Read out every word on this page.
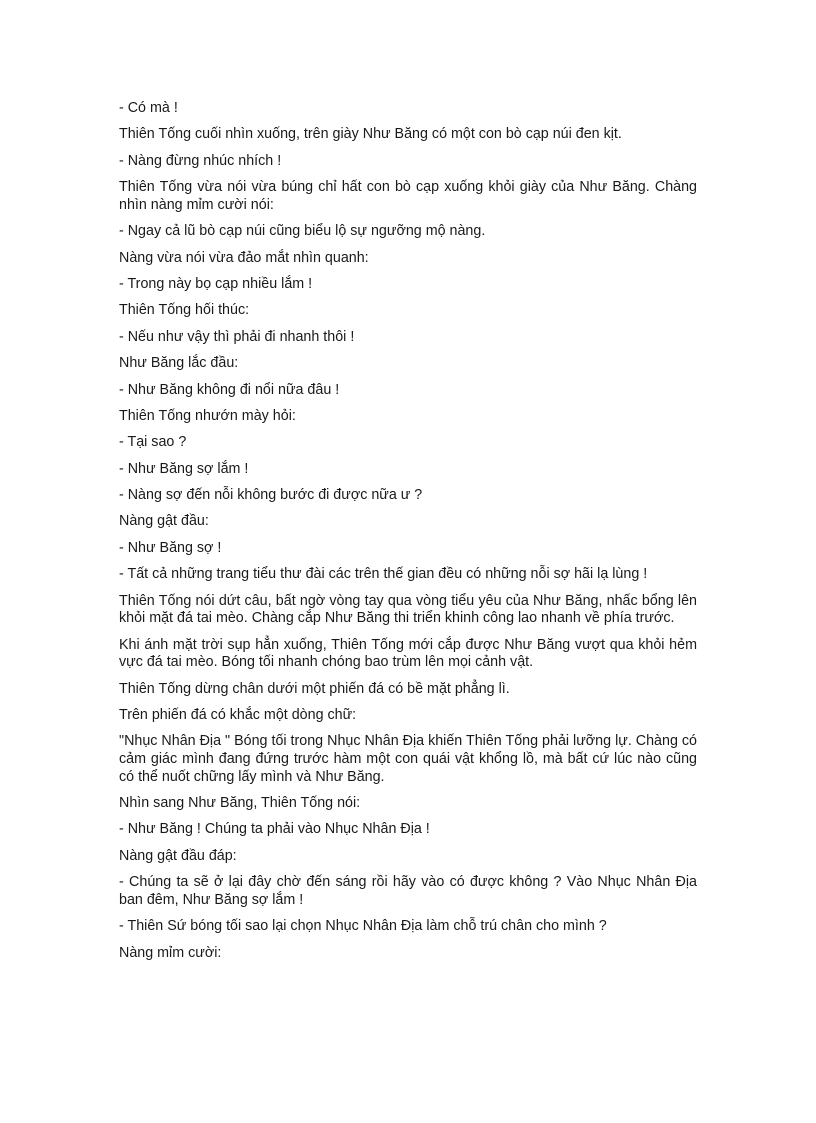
- Có mà !

Thiên Tống cuối nhìn xuống, trên giày Như Băng có một con bò cạp núi đen kịt.

- Nàng đừng nhúc nhích !

Thiên Tống vừa nói vừa búng chỉ hất con bò cạp xuống khỏi giày của Như Băng. Chàng nhìn nàng mỉm cười nói:

- Ngay cả lũ bò cạp núi cũng biểu lộ sự ngưỡng mộ nàng.

Nàng vừa nói vừa đảo mắt nhìn quanh:

- Trong này bọ cạp nhiều lắm !

Thiên Tống hối thúc:

- Nếu như vậy thì phải đi nhanh thôi !

Như Băng lắc đầu:

- Như Băng không đi nổi nữa đâu !

Thiên Tống nhướn mày hỏi:

- Tại sao ?

- Như Băng sợ lắm !

- Nàng sợ đến nỗi không bước đi được nữa ư ?

Nàng gật đầu:

- Như Băng sợ !

- Tất cả những trang tiểu thư đài các trên thế gian đều có những nỗi sợ hãi lạ lùng !

Thiên Tống nói dứt câu, bất ngờ vòng tay qua vòng tiểu yêu của Như Băng, nhấc bổng lên khỏi mặt đá tai mèo. Chàng cắp Như Băng thi triển khinh công lao nhanh về phía trước.

Khi ánh mặt trời sụp hẳn xuống, Thiên Tống mới cắp được Như Băng vượt qua khỏi hẻm vực đá tai mèo. Bóng tối nhanh chóng bao trùm lên mọi cảnh vật.

Thiên Tống dừng chân dưới một phiến đá có bề mặt phẳng lì.

Trên phiến đá có khắc một dòng chữ:

"Nhục Nhân Địa " Bóng tối trong Nhục Nhân Địa khiến Thiên Tống phải lưỡng lự. Chàng có cảm giác mình đang đứng trước hàm một con quái vật khổng lồ, mà bất cứ lúc nào cũng có thể nuốt chững lấy mình và Như Băng.

Nhìn sang Như Băng, Thiên Tống nói:

- Như Băng ! Chúng ta phải vào Nhục Nhân Địa !

Nàng gật đầu đáp:

- Chúng ta sẽ ở lại đây chờ đến sáng rồi hãy vào có được không ? Vào Nhục Nhân Địa ban đêm, Như Băng sợ lắm !

- Thiên Sứ bóng tối sao lại chọn Nhục Nhân Địa làm chỗ trú chân cho mình ?

Nàng mỉm cười:
